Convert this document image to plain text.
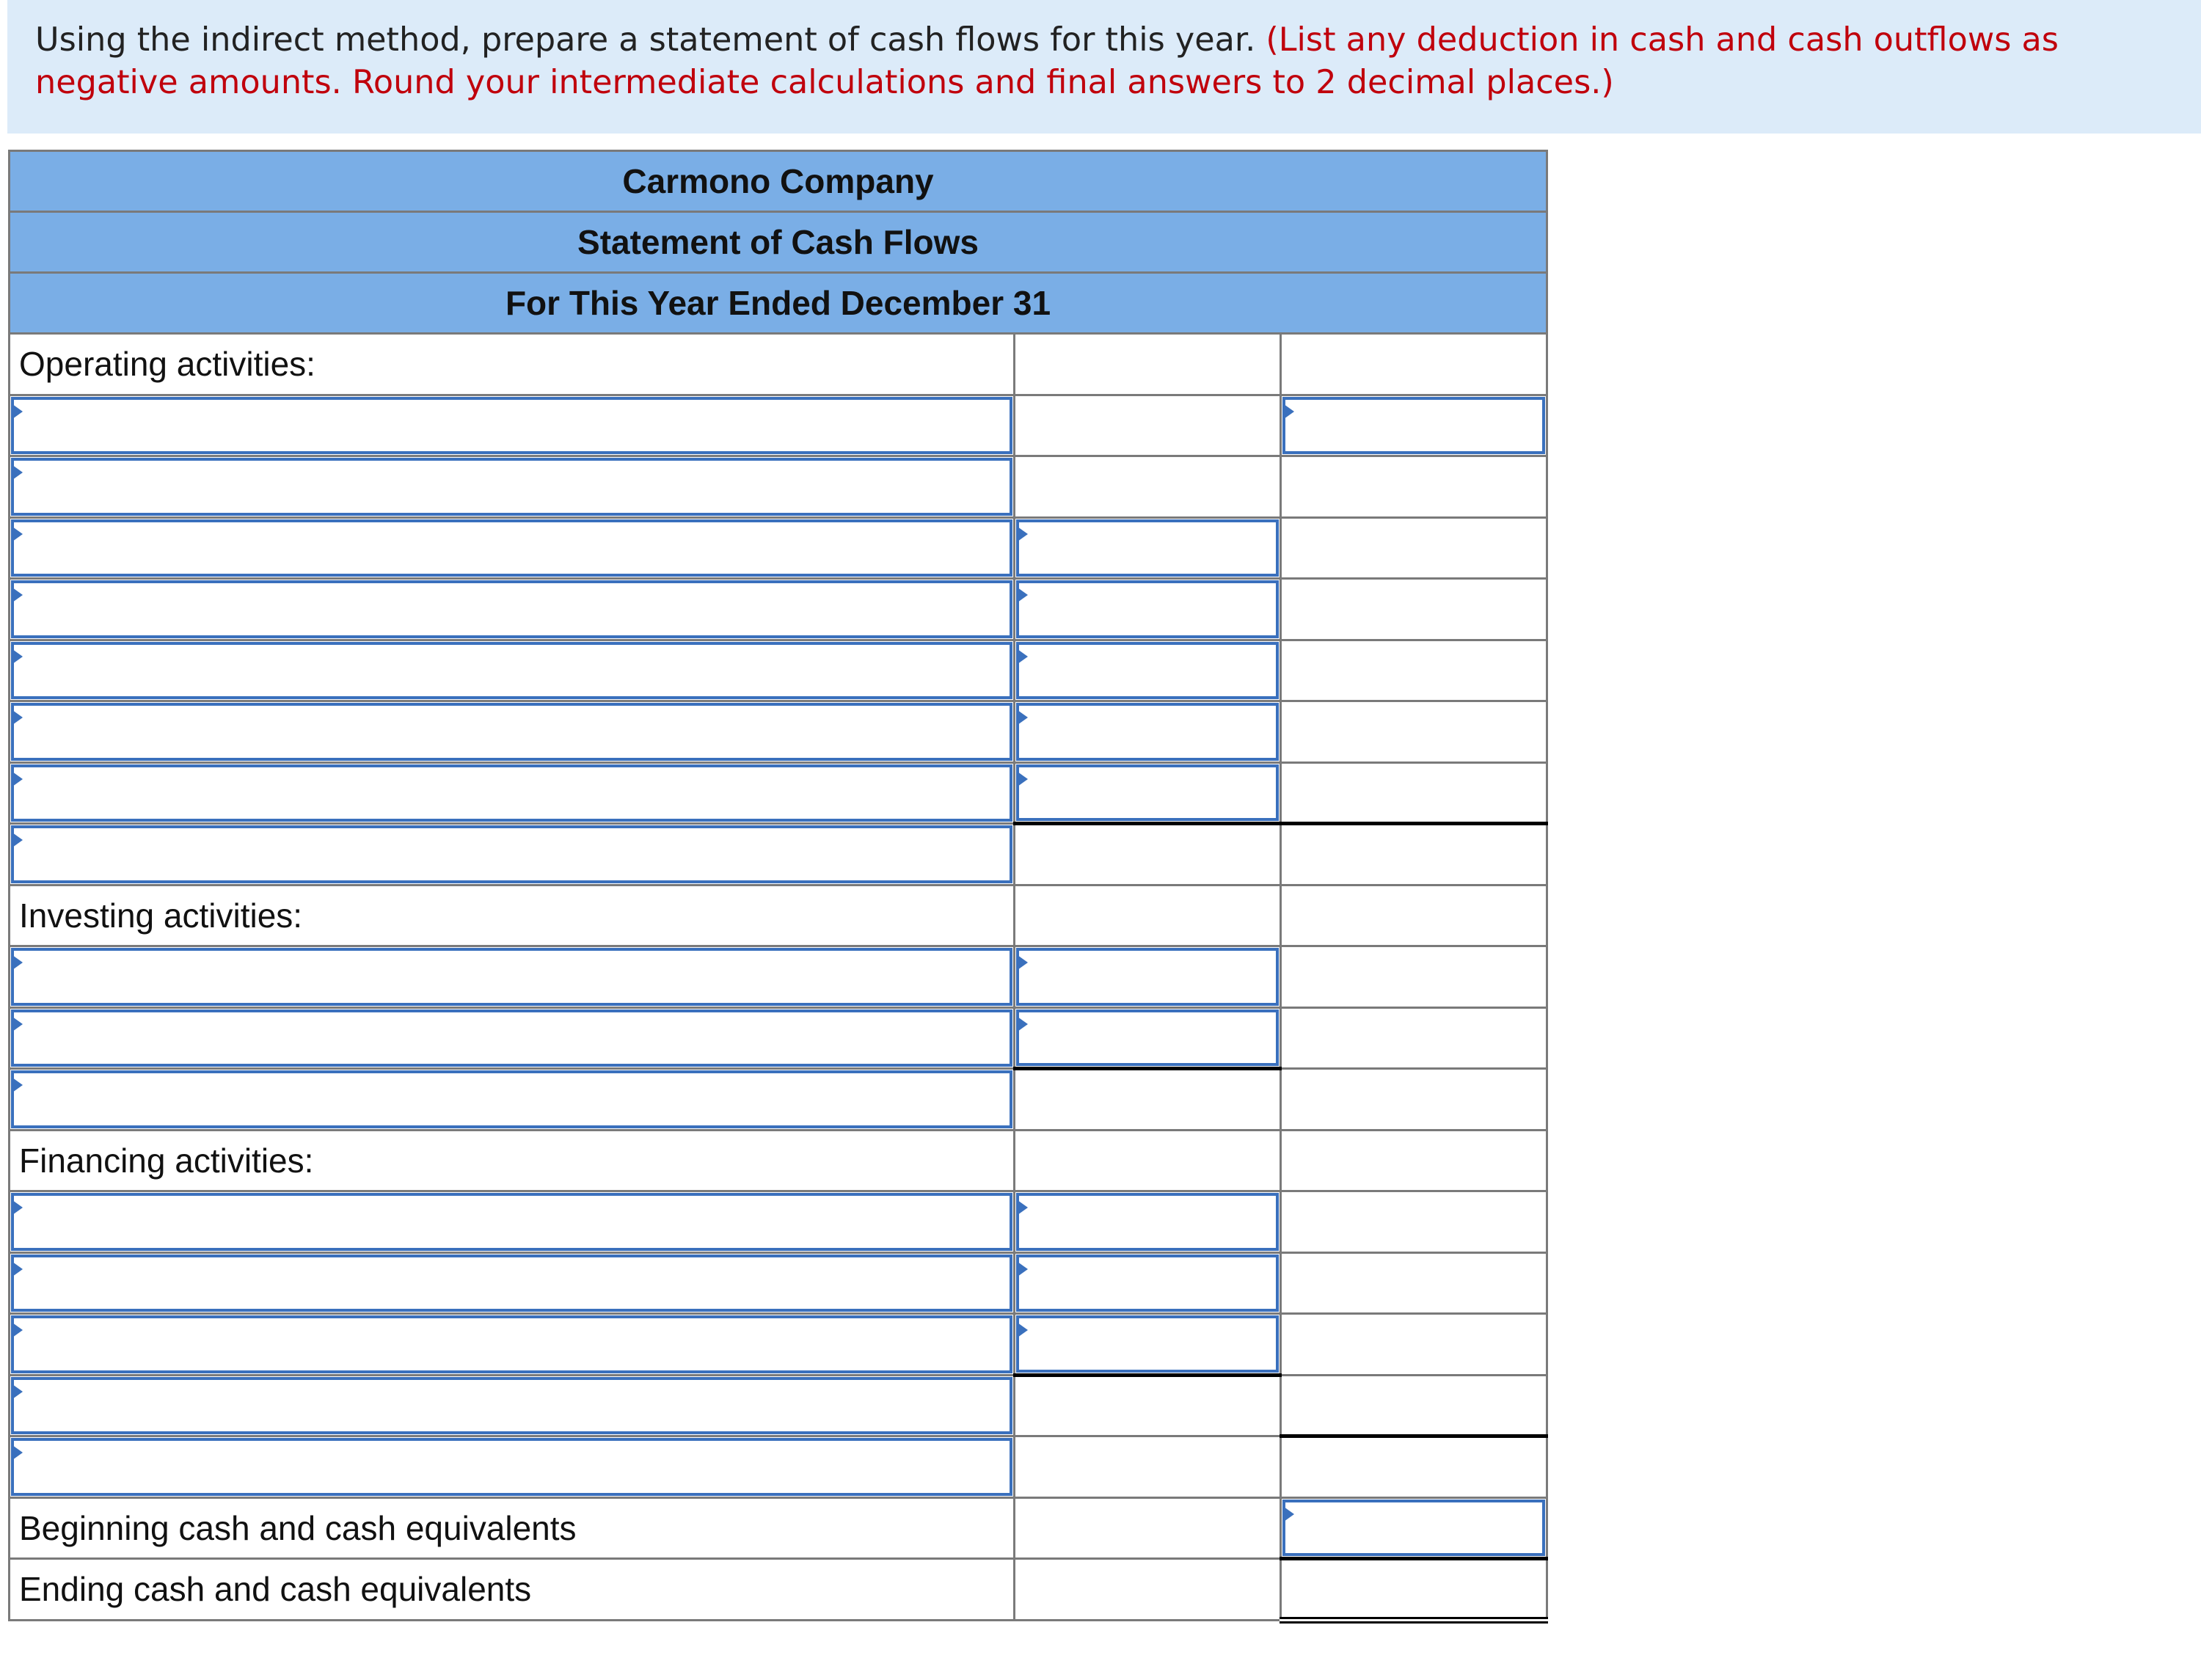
Using the indirect method, prepare a statement of cash flows for this year. (List any deduction in cash and cash outflows as negative amounts. Round your intermediate calculations and final answers to 2 decimal places.)
Carmono Company		
Statement of Cash Flows		
For This Year Ended December 31		
Operating activities:		

Investing activities:		

Financing activities:		

Beginning cash and cash equivalents		

Ending cash and cash equivalents		
